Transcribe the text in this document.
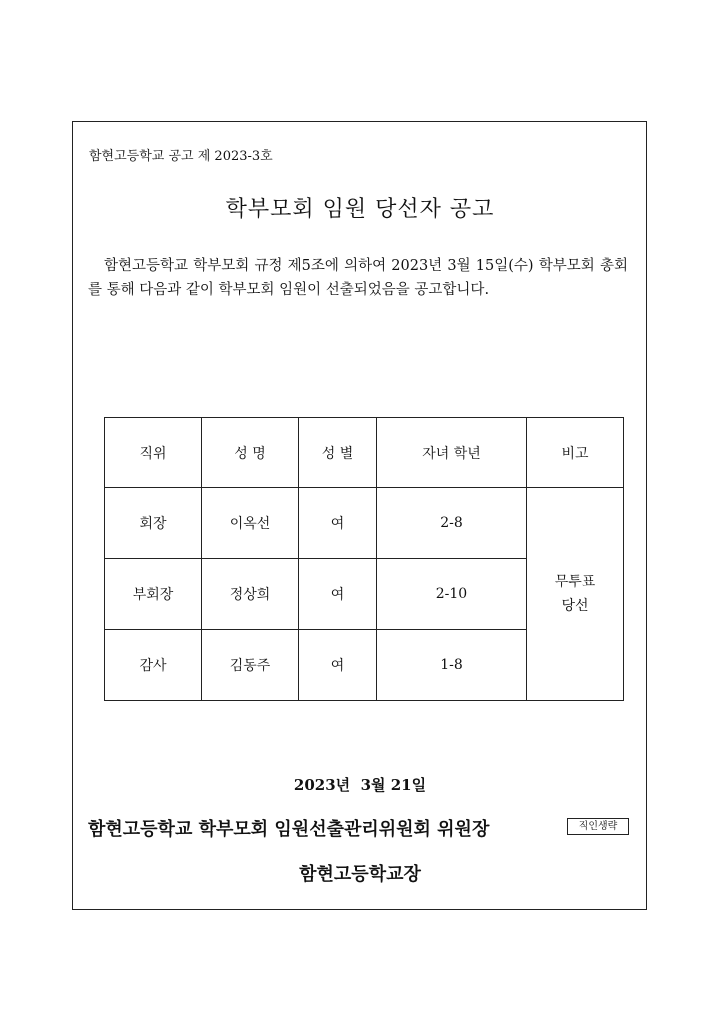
함현고등학교 공고 제 2023-3호
학부모회 임원 당선자 공고
함현고등학교 학부모회 규정 제5조에 의하여 2023년 3월 15일(수) 학부모회 총회를 통해 다음과 같이 학부모회 임원이 선출되었음을 공고합니다.
직위	성 명	성 별	자녀 학년	비고
회장	이옥선	여	2-8	무투표
당선

부회장	정상희	여	2-10	
감사	김동주	여	1-8	
2023년  3월 21일
함현고등학교 학부모회 임원선출관리위원회 위원장	직인생략
함현고등학교장
